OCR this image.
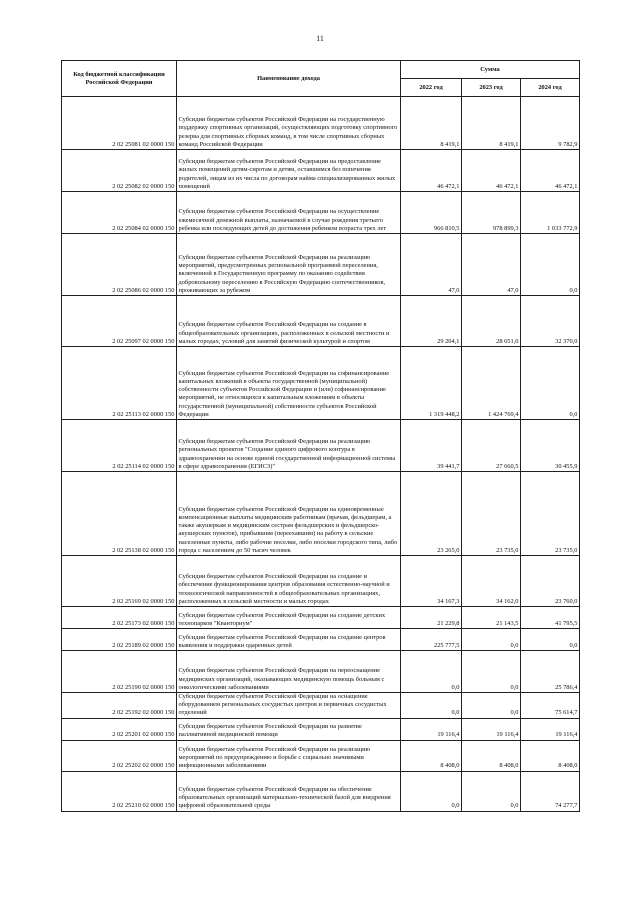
11
Код бюджетной классификации Российской Федерации	Наименование дохода	Сумма		
		2022 год	2023 год	2024 год
2 02 25081 02 0000 150	Субсидии бюджетам субъектов Российской Федерации на государственную поддержку спортивных организаций, осуществляющих подготовку спортивного резерва для спортивных сборных команд, в том числе спортивных сборных команд Российской Федерации	8 419,1	8 419,1	9 782,9
2 02 25082 02 0000 150	Субсидии бюджетам субъектов Российской Федерации на предоставление жилых помещений детям-сиротам и детям, оставшимся без попечения родителей, лицам из их числа по договорам найма специализированных жилых помещений	46 472,1	46 472,1	46 472,1
2 02 25084 02 0000 150	Субсидии бюджетам субъектов Российской Федерации на осуществление ежемесячной денежной выплаты, назначаемой в случае рождения третьего ребенка или последующих детей до достижения ребенком возраста трех лет	966 810,5	978 899,3	1 033 772,9
2 02 25086 02 0000 150	Субсидии бюджетам субъектов Российской Федерации на реализацию мероприятий, предусмотренных региональной программой переселения, включенной в Государственную программу по оказанию содействия добровольному переселению в Российскую Федерацию соотечественников, проживающих за рубежом	47,0	47,0	0,0
2 02 25097 02 0000 150	Субсидии бюджетам субъектов Российской Федерации на создание в общеобразовательных организациях, расположенных в сельской местности и малых городах, условий для занятий физической культурой и спортом	29 204,1	28 651,0	32 370,0
2 02 25113 02 0000 150	Субсидии бюджетам субъектов Российской Федерации на софинансирование капитальных вложений в объекты государственной (муниципальной) собственности субъектов Российской Федерации и (или) софинансирование мероприятий, не относящихся к капитальным вложениям в объекты государственной (муниципальной) собственности субъектов Российской Федерации	1 319 448,2	1 424 769,4	0,0
2 02 25114 02 0000 150	Субсидии бюджетам субъектов Российской Федерации на реализацию региональных проектов "Создание единого цифрового контура в здравоохранении на основе единой государственной информационной системы в сфере здравоохранения (ЕГИСЗ)"	39 441,7	27 660,5	30 455,9
2 02 25138 02 0000 150	Субсидии бюджетам субъектов Российской Федерации на единовременные компенсационные выплаты медицинским работникам (врачам, фельдшерам, а также акушеркам и медицинским сестрам фельдшерских и фельдшерско-акушерских пунктов), прибывшим (переехавшим) на работу в сельские населенные пункты, либо рабочие поселки, либо поселки городского типа, либо города с населением до 50 тысяч человек	23 265,0	23 735,0	23 735,0
2 02 25169 02 0000 150	Субсидии бюджетам субъектов Российской Федерации на создание и обеспечение функционирования центров образования естественно-научной и технологической направленностей в общеобразовательных организациях, расположенных в сельской местности и малых городах	34 167,3	34 162,0	23 760,0
2 02 25173 02 0000 150	Субсидии бюджетам субъектов Российской Федерации на создание детских технопарков "Кванториум"	21 229,8	21 143,5	41 795,5
2 02 25189 02 0000 150	Субсидии бюджетам субъектов Российской Федерации на создание центров выявления и поддержки одаренных детей	225 777,5	0,0	0,0
2 02 25190 02 0000 150	Субсидии бюджетам субъектов Российской Федерации на переоснащение медицинских организаций, оказывающих медицинскую помощь больным с онкологическими заболеваниями	0,0	0,0	25 786,4
2 02 25192 02 0000 150	Субсидии бюджетам субъектов Российской Федерации на оснащение оборудованием региональных сосудистых центров и первичных сосудистых отделений	0,0	0,0	75 614,7
2 02 25201 02 0000 150	Субсидии бюджетам субъектов Российской Федерации на развитие паллиативной медицинской помощи	19 116,4	19 116,4	19 116,4
2 02 25202 02 0000 150	Субсидии бюджетам субъектов Российской Федерации на реализацию мероприятий по предупреждению и борьбе с социально значимыми инфекционными заболеваниями	8 408,0	8 408,0	8 408,0
2 02 25210 02 0000 150	Субсидии бюджетам субъектов Российской Федерации на обеспечение образовательных организаций материально-технической базой для внедрения цифровой образовательной среды	0,0	0,0	74 277,7
